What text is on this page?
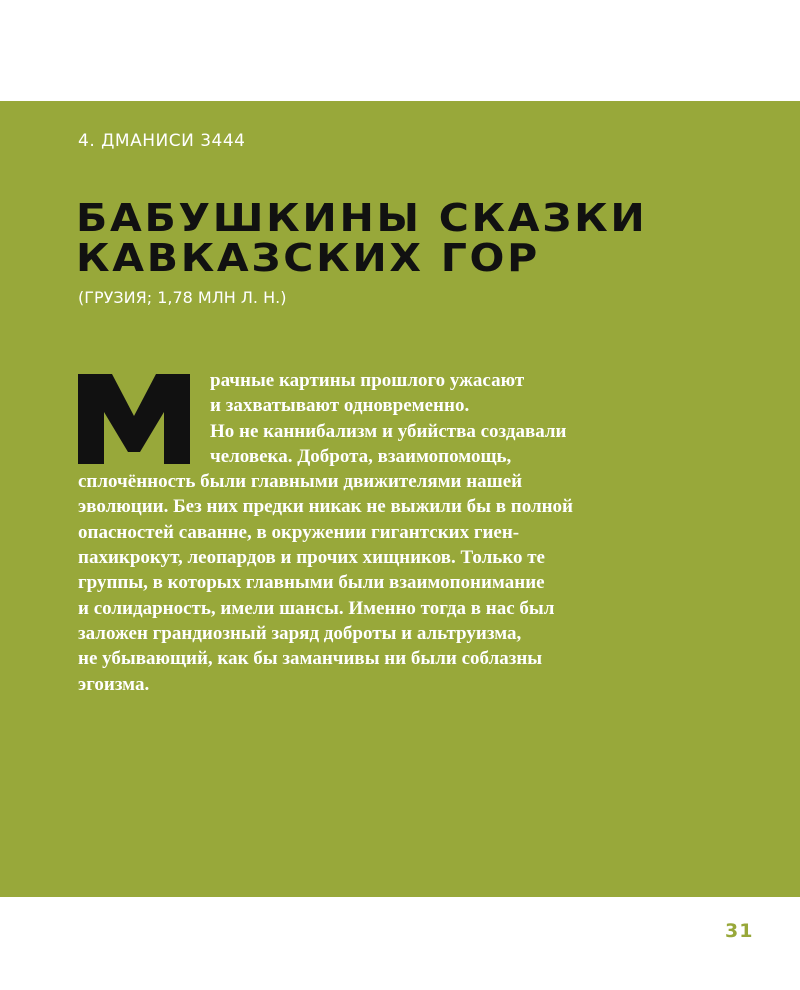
4. ДМАНИСИ 3444

БАБУШКИНЫ СКАЗКИ
КАВКАЗСКИХ ГОР

(ГРУЗИЯ; 1,78 МЛН Л. Н.)

рачные картины прошлого ужасают
и захватывают одновременно.
Но не каннибализм и убийства создавали
человека. Доброта, взаимопомощь,
сплочённость были главными движителями нашей
эволюции. Без них предки никак не выжили бы в полной
опасностей саванне, в окружении гигантских гиен-
пахикрокут, леопардов и прочих хищников. Только те
группы, в которых главными были взаимопонимание
и солидарность, имели шансы. Именно тогда в нас был
заложен грандиозный заряд доброты и альтруизма,
не убывающий, как бы заманчивы ни были соблазны
эгоизма.

31
